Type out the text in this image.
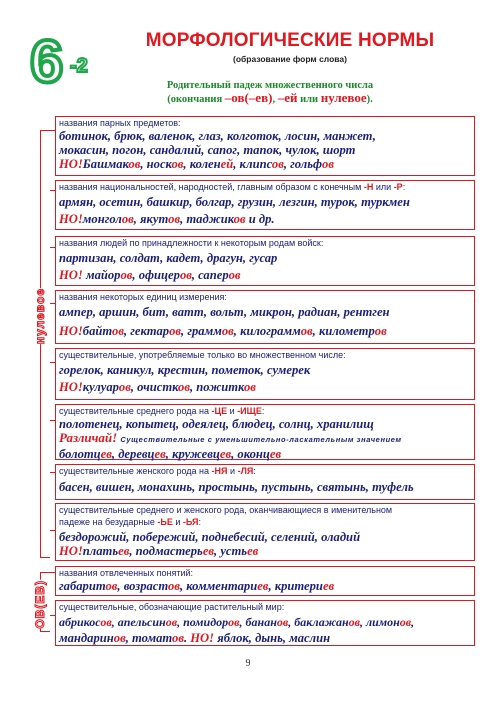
6 -2
МОРФОЛОГИЧЕСКИЕ НОРМЫ
(образование форм слова)
Родительный падеж множественного числа
(окончания –ов(–ев), –ей или нулевое).
нулевое
ОВ(ЕВ)
названия парных предметов:
ботинок, брюк, валенок, глаз, колготок, лосин, манжет,
мокасин, погон, сандалий, сапог, тапок, чулок, шорт
НО!Башмаков, носков, коленей, клипсов, гольфов
названия национальностей, народностей, главным образом с конечным -Н или -Р:
армян, осетин, башкир, болгар, грузин, лезгин, турок, туркмен
НО!монголов, якутов, таджиков и др.
названия людей по принадлежности к некоторым родам войск:
партизан, солдат, кадет, драгун, гусар
НО! майоров, офицеров, саперов
названия некоторых единиц измерения:
ампер, аршин, бит, ватт, вольт, микрон, радиан, рентген
НО!байтов, гектаров, граммов, килограммов, километров
существительные, употребляемые только во множественном числе:
горелок, каникул, крестин, пометок, сумерек
НО!кулуаров, очистков, пожитков
существительные среднего рода на -ЦЕ и -ИЩЕ:
полотенец, копытец, одеялец, блюдец, солнц, хранилищ
Различай! Существительные с уменьшительно-ласкательным значением
болотцев, деревцев, кружевцев, оконцев
существительные женского рода на -НЯ и -ЛЯ:
басен, вишен, монахинь, простынь, пустынь, святынь, туфель
существительные среднего и женского рода, оканчивающиеся в именительном
падеже на безударные -ЬЕ и -ЬЯ:
бездорожий, побережий, поднебесий, селений, оладий
НО!платьев, подмастерьев, устьев
названия отвлеченных понятий:
габаритов, возрастов, комментариев, критериев
существительные, обозначающие растительный мир:
абрикосов, апельсинов, помидоров, бананов, баклажанов, лимонов,
мандаринов, томатов. НО! яблок, дынь, маслин
9
